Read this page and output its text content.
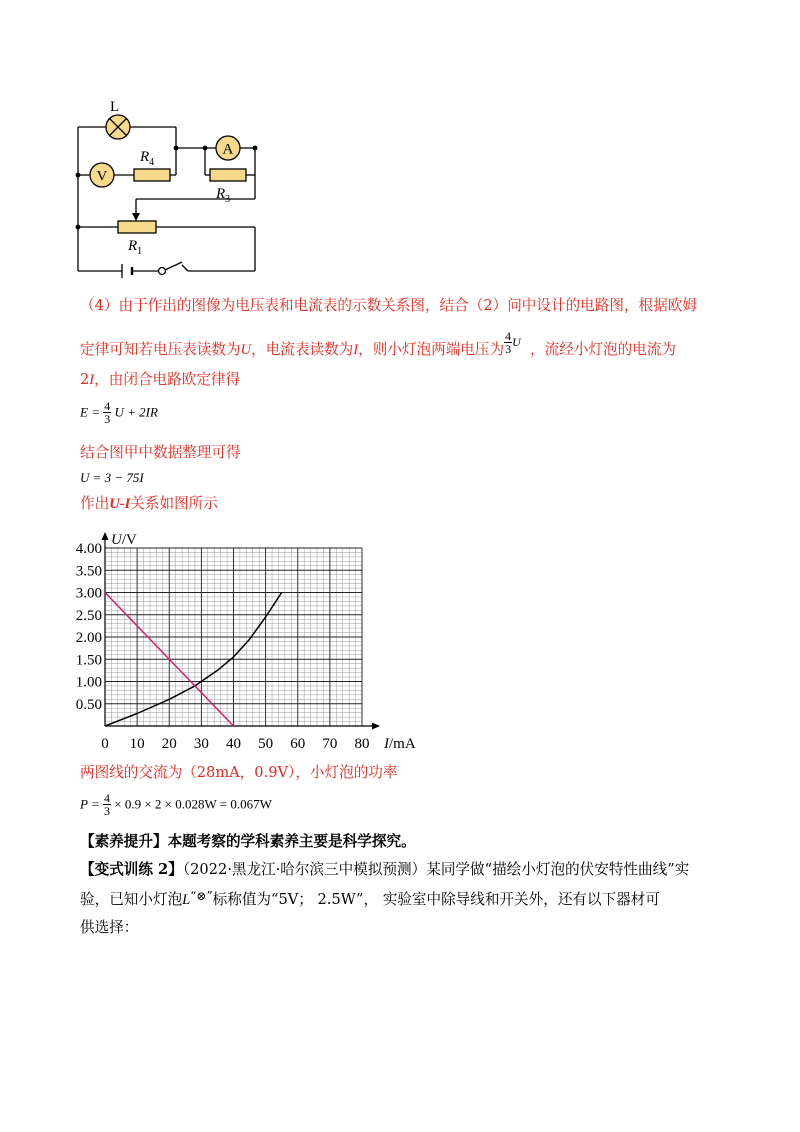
L
V
$R_4$
A
$R_3$
$R_1$
（4）由于作出的图像为电压表和电流表的示数关系图，结合（2）问中设计的电路图，根据欧姆
定律可知若电压表读数为U，电流表读数为I，则小灯泡两端电压为 $\frac{4}{3} ^U$ ，流经小灯泡的电流为
2I，由闭合电路欧定律得
$E = \frac{4}{3}$ U + 2IR
结合图甲中数据整理可得
U = 3 − 75I
作出U-I关系如图所示
0.50
1.00
1.50
2.00
2.50
3.00
3.50
4.00
0 10 20 30 40 50 60 70 80
U/V
I/mA
两图线的交流为（28mA，0.9V），小灯泡的功率
$P = \frac{4}{3} \times 0.9 \times 2 \times 0.028W = 0.067W$
【素养提升】本题考察的学科素养主要是科学探究。
【变式训练 2】（2022·黑龙江·哈尔滨三中模拟预测）某同学做“描绘小灯泡的伏安特性曲线”实
验，已知小灯泡L“⊗”标称值为“5V； 2.5W”， 实验室中除导线和开关外，还有以下器材可
供选择：
